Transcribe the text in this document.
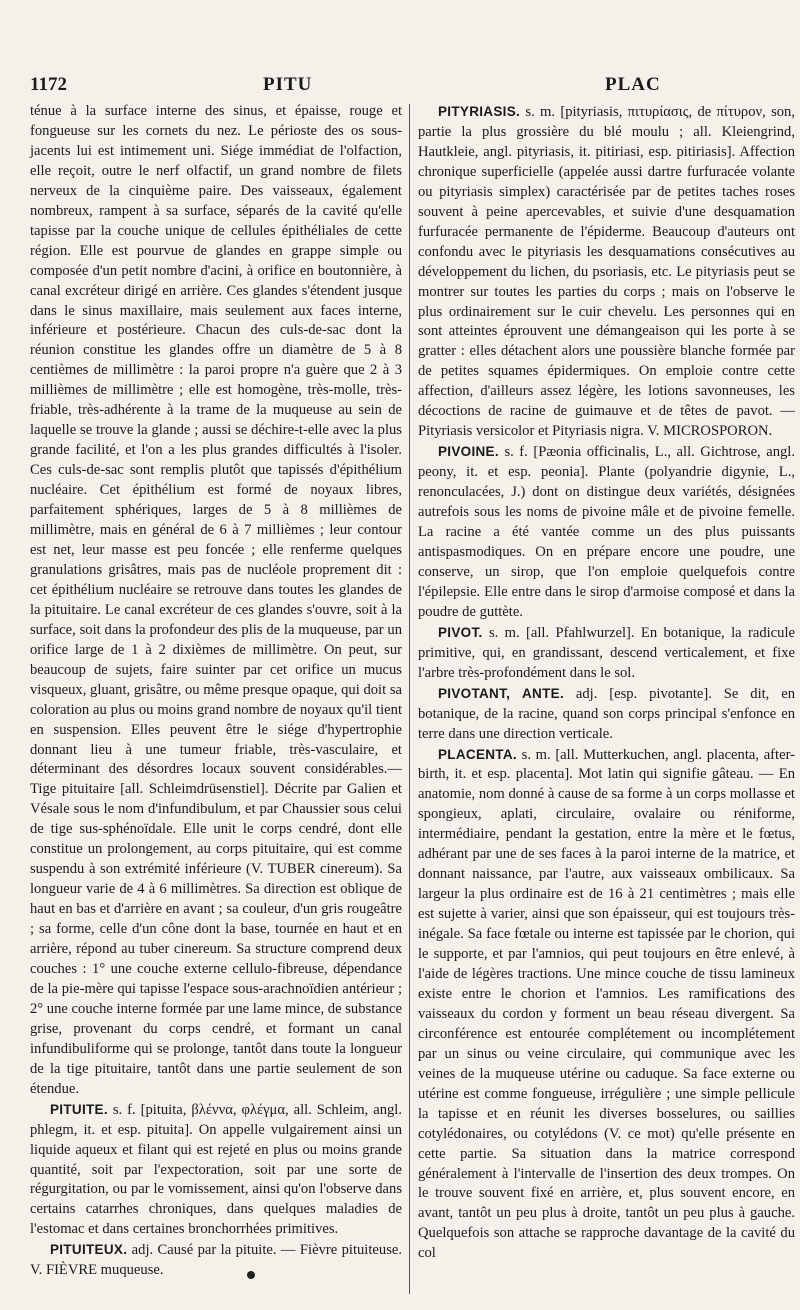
1172	PITU	PLAC

ténue à la surface interne des sinus, et épaisse, rouge et fongueuse sur les cornets du nez. Le périoste des os sous-jacents lui est intimement uni. Siége immédiat de l'olfaction, elle reçoit, outre le nerf olfactif, un grand nombre de filets nerveux de la cinquième paire. Des vaisseaux, également nombreux, rampent à sa surface, séparés de la cavité qu'elle tapisse par la couche unique de cellules épithéliales de cette région. Elle est pourvue de glandes en grappe simple ou composée d'un petit nombre d'acini, à orifice en boutonnière, à canal excréteur dirigé en arrière. Ces glandes s'étendent jusque dans le sinus maxillaire, mais seulement aux faces interne, inférieure et postérieure. Chacun des culs-de-sac dont la réunion constitue les glandes offre un diamètre de 5 à 8 centièmes de millimètre : la paroi propre n'a guère que 2 à 3 millièmes de millimètre ; elle est homogène, très-molle, très-friable, très-adhérente à la trame de la muqueuse au sein de laquelle se trouve la glande ; aussi se déchire-t-elle avec la plus grande facilité, et l'on a les plus grandes difficultés à l'isoler. Ces culs-de-sac sont remplis plutôt que tapissés d'épithélium nucléaire. Cet épithélium est formé de noyaux libres, parfaitement sphériques, larges de 5 à 8 millièmes de millimètre, mais en général de 6 à 7 millièmes ; leur contour est net, leur masse est peu foncée ; elle renferme quelques granulations grisâtres, mais pas de nucléole proprement dit : cet épithélium nucléaire se retrouve dans toutes les glandes de la pituitaire. Le canal excréteur de ces glandes s'ouvre, soit à la surface, soit dans la profondeur des plis de la muqueuse, par un orifice large de 1 à 2 dixièmes de millimètre. On peut, sur beaucoup de sujets, faire suinter par cet orifice un mucus visqueux, gluant, grisâtre, ou même presque opaque, qui doit sa coloration au plus ou moins grand nombre de noyaux qu'il tient en suspension. Elles peuvent être le siége d'hypertrophie donnant lieu à une tumeur friable, très-vasculaire, et déterminant des désordres locaux souvent considérables.— Tige pituitaire [all. Schleimdrüsenstiel]. Décrite par Galien et Vésale sous le nom d'infundibulum, et par Chaussier sous celui de tige sus-sphénoïdale. Elle unit le corps cendré, dont elle constitue un prolongement, au corps pituitaire, qui est comme suspendu à son extrémité inférieure (V. TUBER cinereum). Sa longueur varie de 4 à 6 millimètres. Sa direction est oblique de haut en bas et d'arrière en avant ; sa couleur, d'un gris rougeâtre ; sa forme, celle d'un cône dont la base, tournée en haut et en arrière, répond au tuber cinereum. Sa structure comprend deux couches : 1° une couche externe cellulo-fibreuse, dépendance de la pie-mère qui tapisse l'espace sous-arachnoïdien antérieur ; 2° une couche interne formée par une lame mince, de substance grise, provenant du corps cendré, et formant un canal infundibuliforme qui se prolonge, tantôt dans toute la longueur de la tige pituitaire, tantôt dans une partie seulement de son étendue.

PITUITE. s. f. [pituita, βλέννα, φλέγμα, all. Schleim, angl. phlegm, it. et esp. pituita]. On appelle vulgairement ainsi un liquide aqueux et filant qui est rejeté en plus ou moins grande quantité, soit par l'expectoration, soit par une sorte de régurgitation, ou par le vomissement, ainsi qu'on l'observe dans certains catarrhes chroniques, dans quelques maladies de l'estomac et dans certaines bronchorrhées primitives.

PITUITEUX. adj. Causé par la pituite. — Fièvre pituiteuse. V. FIÈVRE muqueuse.

PITYRIASIS. s. m. [pityriasis, πιτυρίασις, de πίτυρον, son, partie la plus grossière du blé moulu ; all. Kleiengrind, Hautkleie, angl. pityriasis, it. pitiriasi, esp. pitiriasis]. Affection chronique superficielle (appelée aussi dartre furfuracée volante ou pityriasis simplex) caractérisée par de petites taches roses souvent à peine apercevables, et suivie d'une desquamation furfuracée permanente de l'épiderme. Beaucoup d'auteurs ont confondu avec le pityriasis les desquamations consécutives au développement du lichen, du psoriasis, etc. Le pityriasis peut se montrer sur toutes les parties du corps ; mais on l'observe le plus ordinairement sur le cuir chevelu. Les personnes qui en sont atteintes éprouvent une démangeaison qui les porte à se gratter : elles détachent alors une poussière blanche formée par de petites squames épidermiques. On emploie contre cette affection, d'ailleurs assez légère, les lotions savonneuses, les décoctions de racine de guimauve et de têtes de pavot. — Pityriasis versicolor et Pityriasis nigra. V. MICROSPORON.

PIVOINE. s. f. [Pæonia officinalis, L., all. Gichtrose, angl. peony, it. et esp. peonia]. Plante (polyandrie digynie, L., renonculacées, J.) dont on distingue deux variétés, désignées autrefois sous les noms de pivoine mâle et de pivoine femelle. La racine a été vantée comme un des plus puissants antispasmodiques. On en prépare encore une poudre, une conserve, un sirop, que l'on emploie quelquefois contre l'épilepsie. Elle entre dans le sirop d'armoise composé et dans la poudre de guttète.

PIVOT. s. m. [all. Pfahlwurzel]. En botanique, la radicule primitive, qui, en grandissant, descend verticalement, et fixe l'arbre très-profondément dans le sol.

PIVOTANT, ANTE. adj. [esp. pivotante]. Se dit, en botanique, de la racine, quand son corps principal s'enfonce en terre dans une direction verticale.

PLACENTA. s. m. [all. Mutterkuchen, angl. placenta, after-birth, it. et esp. placenta]. Mot latin qui signifie gâteau. — En anatomie, nom donné à cause de sa forme à un corps mollasse et spongieux, aplati, circulaire, ovalaire ou réniforme, intermédiaire, pendant la gestation, entre la mère et le fœtus, adhérant par une de ses faces à la paroi interne de la matrice, et donnant naissance, par l'autre, aux vaisseaux ombilicaux. Sa largeur la plus ordinaire est de 16 à 21 centimètres ; mais elle est sujette à varier, ainsi que son épaisseur, qui est toujours très-inégale. Sa face fœtale ou interne est tapissée par le chorion, qui le supporte, et par l'amnios, qui peut toujours en être enlevé, à l'aide de légères tractions. Une mince couche de tissu lamineux existe entre le chorion et l'amnios. Les ramifications des vaisseaux du cordon y forment un beau réseau divergent. Sa circonférence est entourée complétement ou incomplétement par un sinus ou veine circulaire, qui communique avec les veines de la muqueuse utérine ou caduque. Sa face externe ou utérine est comme fongueuse, irrégulière ; une simple pellicule la tapisse et en réunit les diverses bosselures, ou saillies cotylédonaires, ou cotylédons (V. ce mot) qu'elle présente en cette partie. Sa situation dans la matrice correspond généralement à l'intervalle de l'insertion des deux trompes. On le trouve souvent fixé en arrière, et, plus souvent encore, en avant, tantôt un peu plus à droite, tantôt un peu plus à gauche. Quelquefois son attache se rapproche davantage de la cavité du col
